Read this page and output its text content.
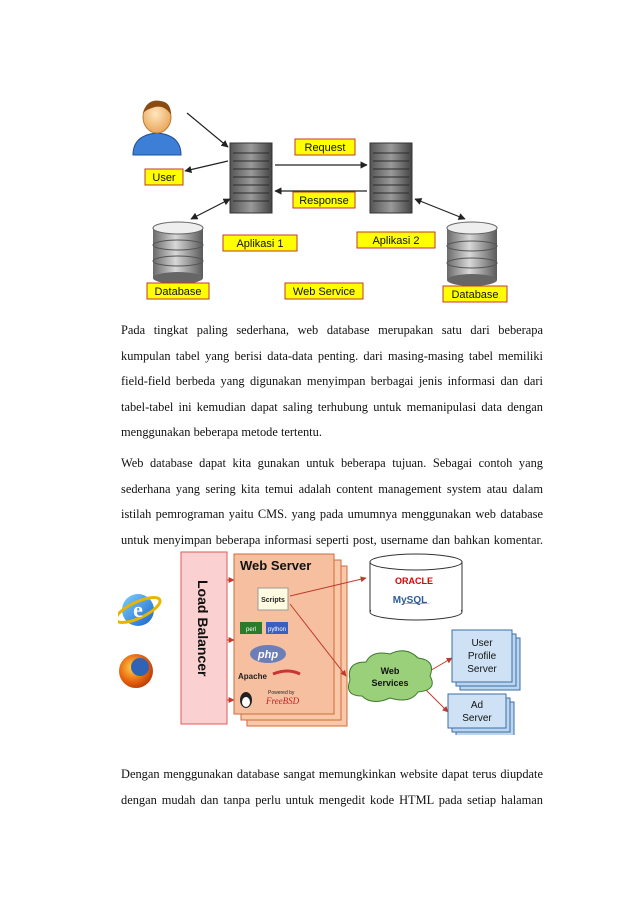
User
Request
Response
Aplikasi 1	Aplikasi 2
Database	Web Service	Database
Pada tingkat paling sederhana, web database merupakan satu dari beberapa
kumpulan tabel yang berisi data-data penting. dari masing-masing tabel memiliki
field-field berbeda yang digunakan menyimpan berbagai jenis informasi dan dari
tabel-tabel ini kemudian dapat saling terhubung untuk memanipulasi data dengan
menggunakan beberapa metode tertentu.
Web database dapat kita gunakan untuk beberapa tujuan. Sebagai contoh yang
sederhana yang sering kita temui adalah content management system atau dalam
istilah pemrograman yaitu CMS. yang pada umumnya menggunakan web database
untuk menyimpan beberapa informasi seperti post, username dan bahkan komentar.
e	Load Balancer
Web Server
Scripts
perl python
php
Apache
Powered by
FreeBSD
ORACLE
MySQL
Web
Services
User
Profile
Server
Ad
Server
Dengan menggunakan database sangat memungkinkan website dapat terus diupdate
dengan mudah dan tanpa perlu untuk mengedit kode HTML pada setiap halaman
